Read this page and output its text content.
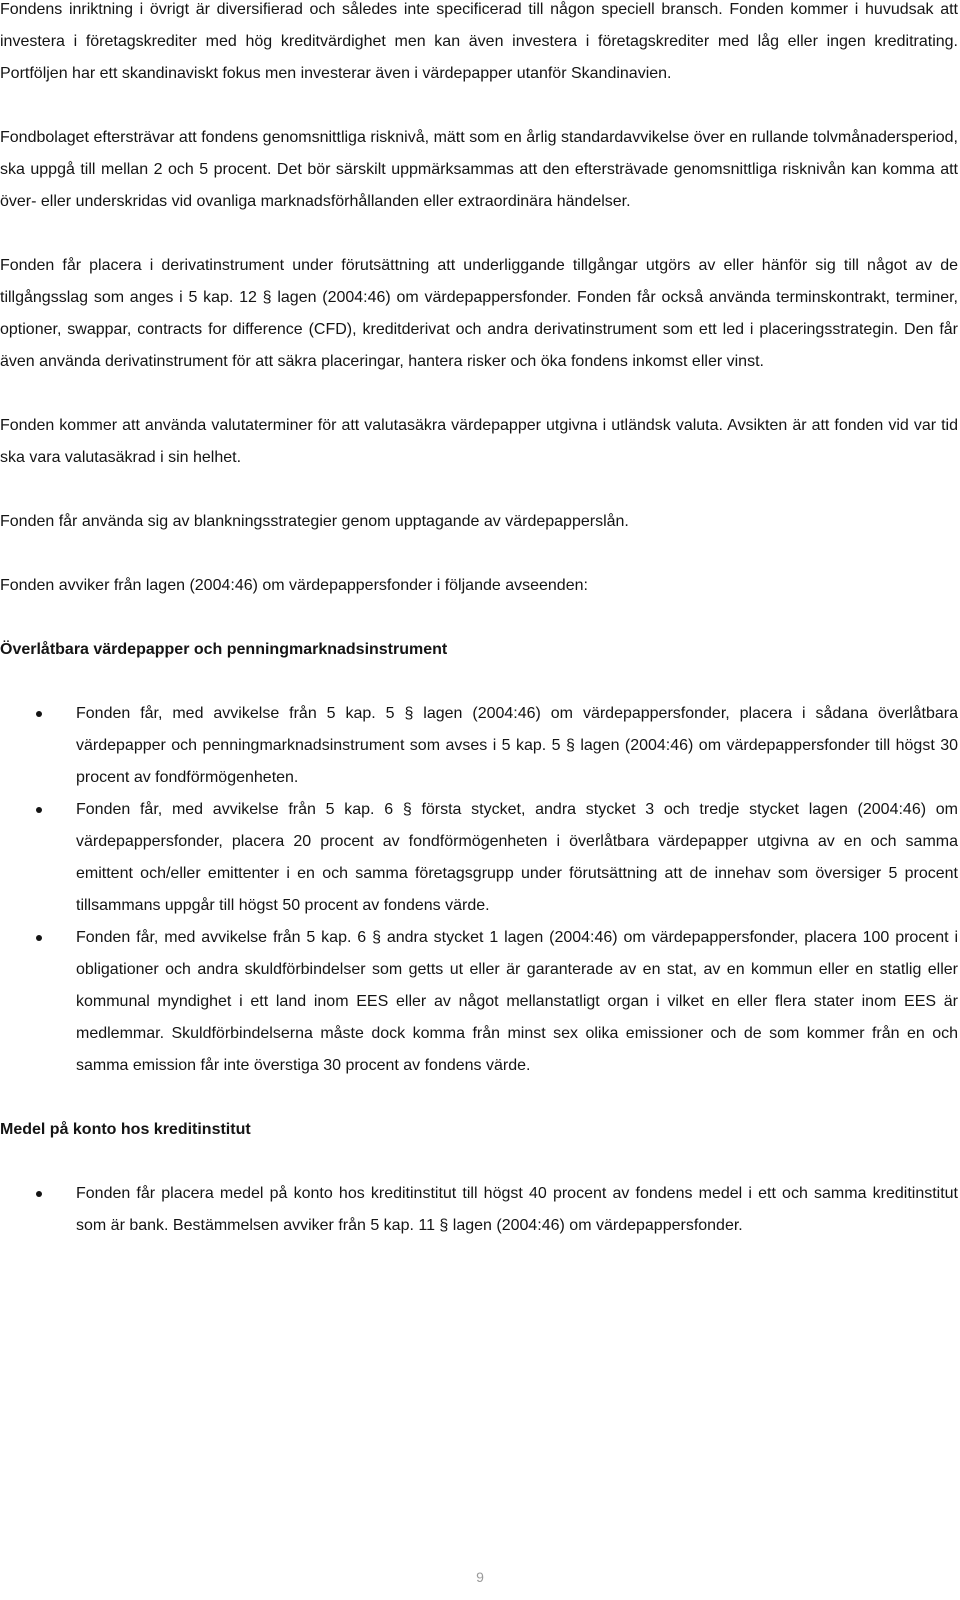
Fondens inriktning i övrigt är diversifierad och således inte specificerad till någon speciell bransch. Fonden kommer i huvudsak att investera i företagskrediter med hög kreditvärdighet men kan även investera i företagskrediter med låg eller ingen kreditrating. Portföljen har ett skandinaviskt fokus men investerar även i värdepapper utanför Skandinavien.

Fondbolaget eftersträvar att fondens genomsnittliga risknivå, mätt som en årlig standardavvikelse över en rullande tolvmånadersperiod, ska uppgå till mellan 2 och 5 procent. Det bör särskilt uppmärksammas att den eftersträvade genomsnittliga risknivån kan komma att över- eller underskridas vid ovanliga marknadsförhållanden eller extraordinära händelser.

Fonden får placera i derivatinstrument under förutsättning att underliggande tillgångar utgörs av eller hänför sig till något av de tillgångsslag som anges i 5 kap. 12 § lagen (2004:46) om värdepappersfonder. Fonden får också använda terminskontrakt, terminer, optioner, swappar, contracts for difference (CFD), kreditderivat och andra derivatinstrument som ett led i placeringsstrategin. Den får även använda derivatinstrument för att säkra placeringar, hantera risker och öka fondens inkomst eller vinst.

Fonden kommer att använda valutaterminer för att valutasäkra värdepapper utgivna i utländsk valuta. Avsikten är att fonden vid var tid ska vara valutasäkrad i sin helhet.

Fonden får använda sig av blankningsstrategier genom upptagande av värdepapperslån.

Fonden avviker från lagen (2004:46) om värdepappersfonder i följande avseenden:

Överlåtbara värdepapper och penningmarknadsinstrument
Fonden får, med avvikelse från 5 kap. 5 § lagen (2004:46) om värdepappersfonder, placera i sådana överlåtbara värdepapper och penningmarknadsinstrument som avses i 5 kap. 5 § lagen (2004:46) om värdepappersfonder till högst 30 procent av fondförmögenheten.
Fonden får, med avvikelse från 5 kap. 6 § första stycket, andra stycket 3 och tredje stycket lagen (2004:46) om värdepappersfonder, placera 20 procent av fondförmögenheten i överlåtbara värdepapper utgivna av en och samma emittent och/eller emittenter i en och samma företagsgrupp under förutsättning att de innehav som översiger 5 procent tillsammans uppgår till högst 50 procent av fondens värde.
Fonden får, med avvikelse från 5 kap. 6 § andra stycket 1 lagen (2004:46) om värdepappersfonder, placera 100 procent i obligationer och andra skuldförbindelser som getts ut eller är garanterade av en stat, av en kommun eller en statlig eller kommunal myndighet i ett land inom EES eller av något mellanstatligt organ i vilket en eller flera stater inom EES är medlemmar. Skuldförbindelserna måste dock komma från minst sex olika emissioner och de som kommer från en och samma emission får inte överstiga 30 procent av fondens värde.
Medel på konto hos kreditinstitut
Fonden får placera medel på konto hos kreditinstitut till högst 40 procent av fondens medel i ett och samma kreditinstitut som är bank. Bestämmelsen avviker från 5 kap. 11 § lagen (2004:46) om värdepappersfonder.
9
